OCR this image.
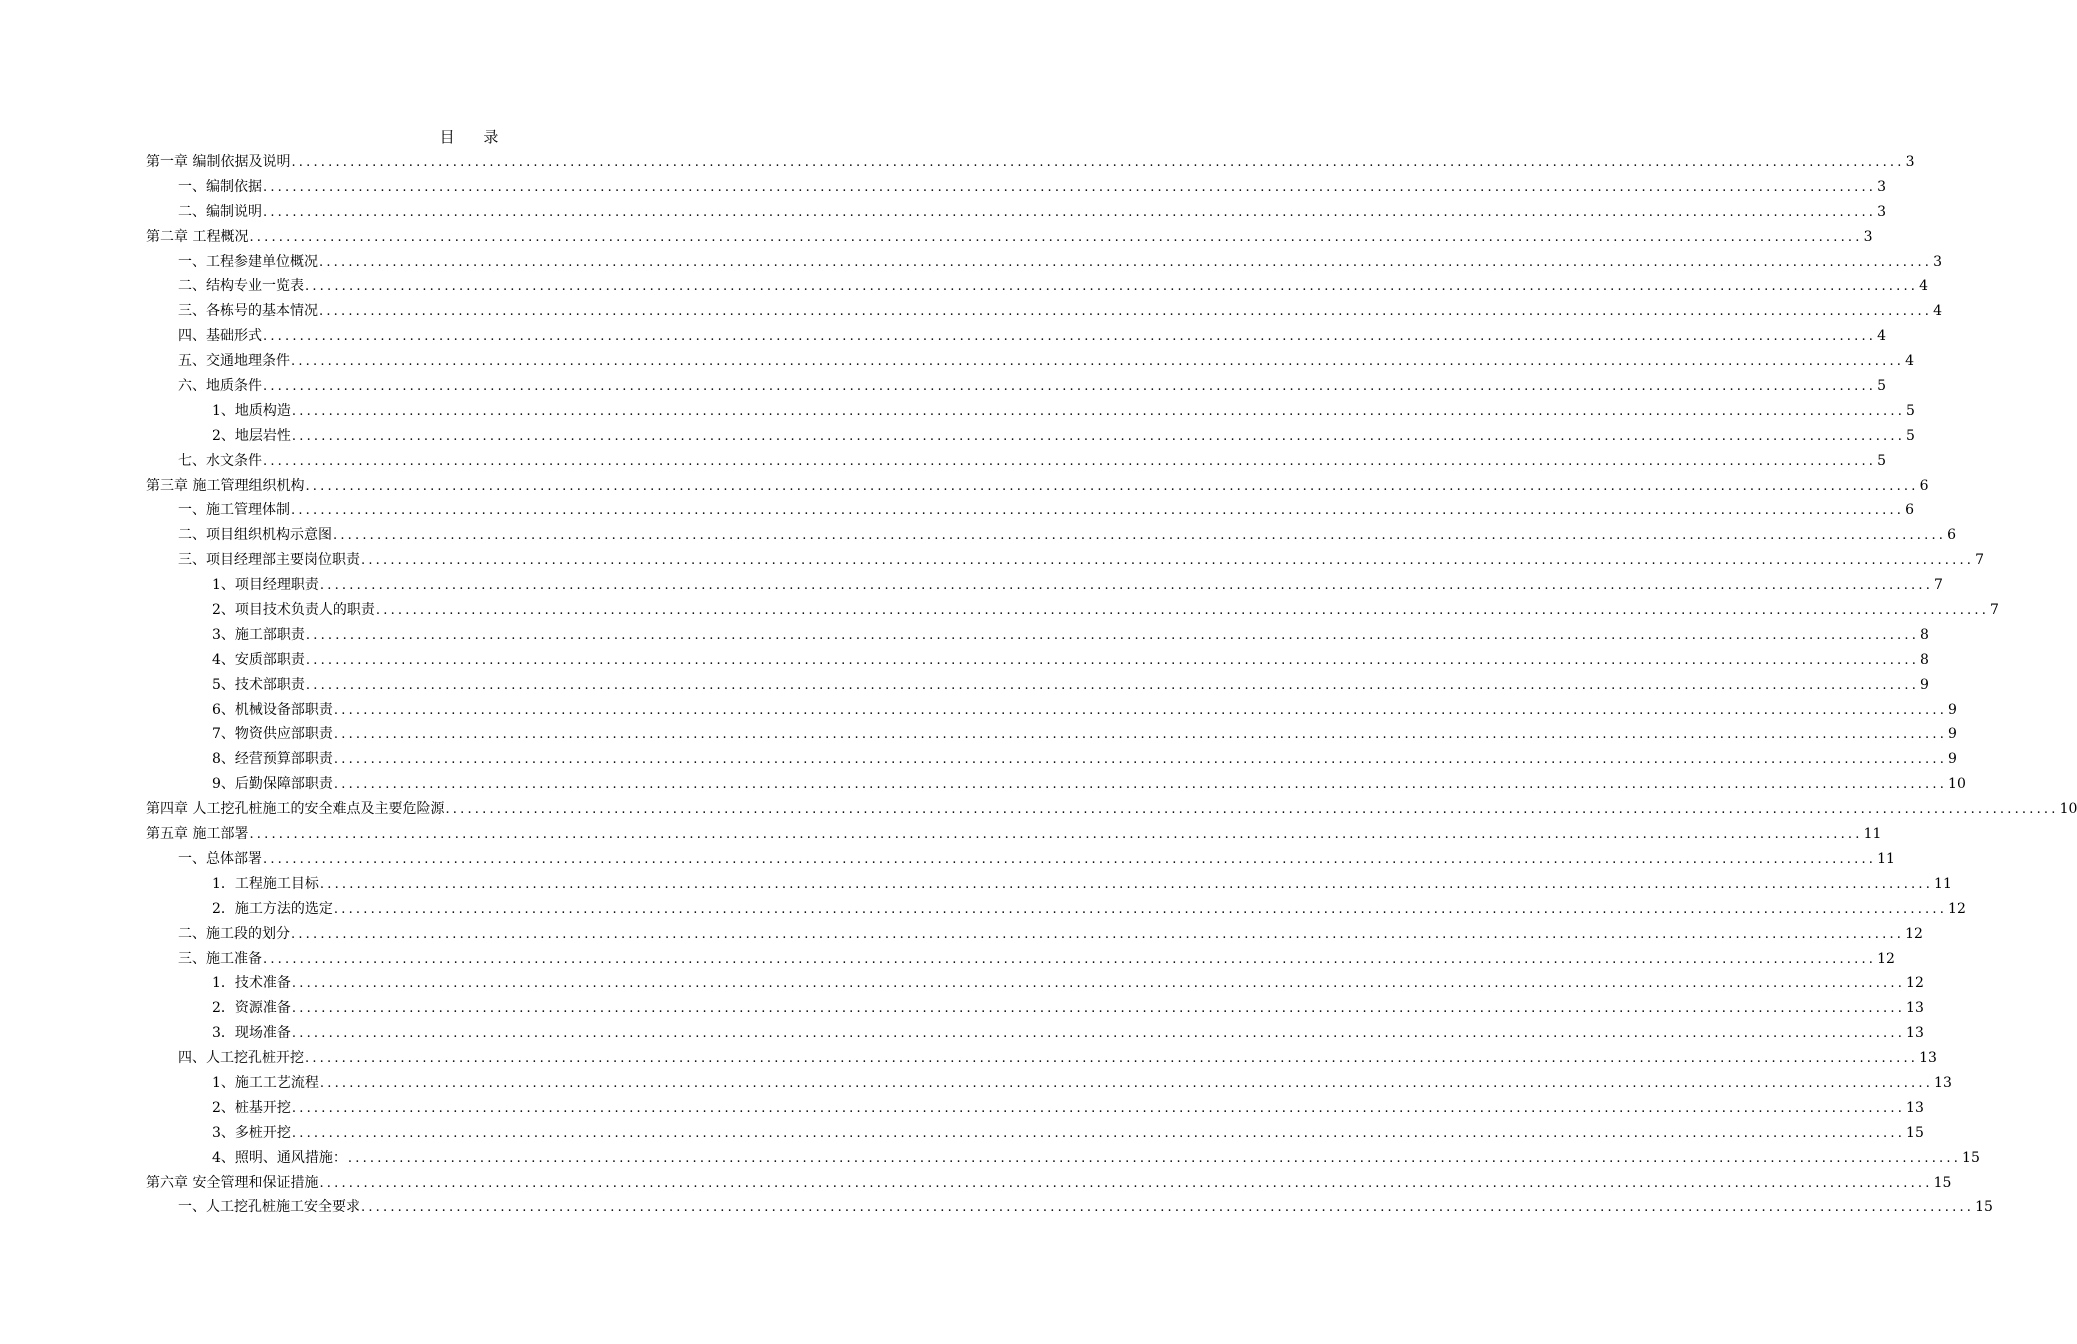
目 录
第一章 编制依据及说明 ............................................................................................................................................................................................................................ 3
一、编制依据 ............................................................................................................................................................................................................................ 3
二、编制说明 ............................................................................................................................................................................................................................ 3
第二章 工程概况 ............................................................................................................................................................................................................................ 3
一、工程参建单位概况 ............................................................................................................................................................................................................................ 3
二、结构专业一览表 ............................................................................................................................................................................................................................ 4
三、各栋号的基本情况 ............................................................................................................................................................................................................................ 4
四、基础形式 ............................................................................................................................................................................................................................ 4
五、交通地理条件 ............................................................................................................................................................................................................................ 4
六、地质条件 ............................................................................................................................................................................................................................ 5
1、地质构造 ............................................................................................................................................................................................................................ 5
2、地层岩性 ............................................................................................................................................................................................................................ 5
七、水文条件 ............................................................................................................................................................................................................................ 5
第三章 施工管理组织机构 ............................................................................................................................................................................................................................ 6
一、施工管理体制 ............................................................................................................................................................................................................................ 6
二、项目组织机构示意图 ............................................................................................................................................................................................................................ 6
三、项目经理部主要岗位职责 ............................................................................................................................................................................................................................ 7
1、项目经理职责 ............................................................................................................................................................................................................................ 7
2、项目技术负责人的职责 ............................................................................................................................................................................................................................ 7
3、施工部职责 ............................................................................................................................................................................................................................ 8
4、安质部职责 ............................................................................................................................................................................................................................ 8
5、技术部职责 ............................................................................................................................................................................................................................ 9
6、机械设备部职责 ............................................................................................................................................................................................................................ 9
7、物资供应部职责 ............................................................................................................................................................................................................................ 9
8、经营预算部职责 ............................................................................................................................................................................................................................ 9
9、后勤保障部职责 ............................................................................................................................................................................................................................ 10
第四章 人工挖孔桩施工的安全难点及主要危险源 ............................................................................................................................................................................................................................ 10
第五章 施工部署 ............................................................................................................................................................................................................................ 11
一、总体部署 ............................................................................................................................................................................................................................ 11
1．工程施工目标 ............................................................................................................................................................................................................................ 11
2．施工方法的选定 ............................................................................................................................................................................................................................ 12
二、施工段的划分 ............................................................................................................................................................................................................................ 12
三、施工准备 ............................................................................................................................................................................................................................ 12
1．技术准备 ............................................................................................................................................................................................................................ 12
2．资源准备 ............................................................................................................................................................................................................................ 13
3．现场准备 ............................................................................................................................................................................................................................ 13
四、人工挖孔桩开挖 ............................................................................................................................................................................................................................ 13
1、施工工艺流程 ............................................................................................................................................................................................................................ 13
2、桩基开挖 ............................................................................................................................................................................................................................ 13
3、多桩开挖 ............................................................................................................................................................................................................................ 15
4、照明、通风措施： ............................................................................................................................................................................................................................ 15
第六章 安全管理和保证措施 ............................................................................................................................................................................................................................ 15
一、人工挖孔桩施工安全要求 ............................................................................................................................................................................................................................ 15
